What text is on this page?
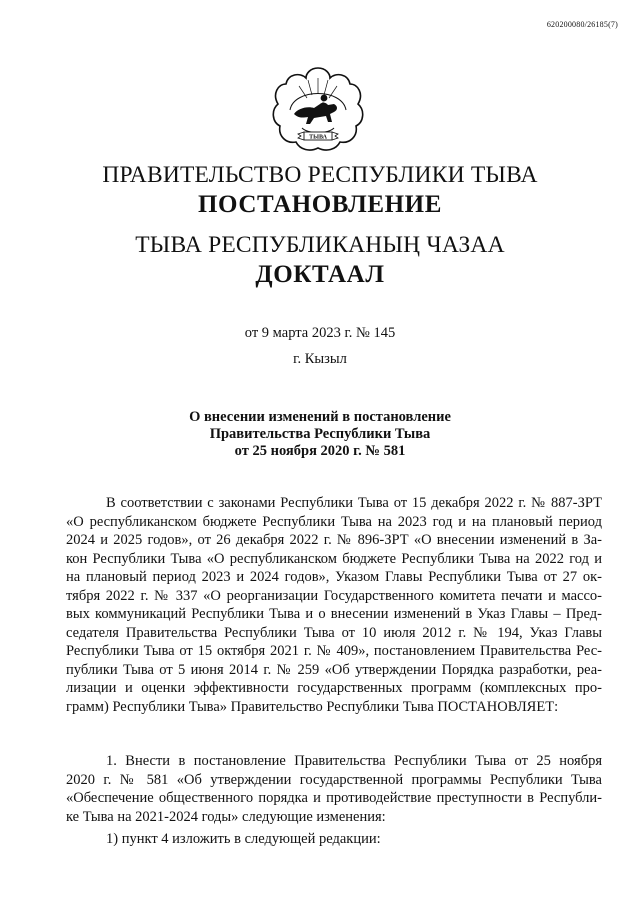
620200080/26185(7)
ТЫВА
ПРАВИТЕЛЬСТВО РЕСПУБЛИКИ ТЫВА
ПОСТАНОВЛЕНИЕ
ТЫВА РЕСПУБЛИКАНЫҢ ЧАЗАА
ДОКТААЛ
от 9 марта 2023 г. № 145
г. Кызыл
О внесении изменений в постановление
Правительства Республики Тыва
от 25 ноября 2020 г. № 581
В соответствии с законами Республики Тыва от 15 декабря 2022 г. № 887-ЗРТ
«О республиканском бюджете Республики Тыва на 2023 год и на плановый период
2024 и 2025 годов», от 26 декабря 2022 г. № 896-ЗРТ «О внесении изменений в За-
кон Республики Тыва «О республиканском бюджете Республики Тыва на 2022 год и
на плановый период 2023 и 2024 годов», Указом Главы Республики Тыва от 27 ок-
тября 2022 г. № 337 «О реорганизации Государственного комитета печати и массо-
вых коммуникаций Республики Тыва и о внесении изменений в Указ Главы – Пред-
седателя Правительства Республики Тыва от 10 июля 2012 г. № 194, Указ Главы
Республики Тыва от 15 октября 2021 г. № 409», постановлением Правительства Рес-
публики Тыва от 5 июня 2014 г. № 259 «Об утверждении Порядка разработки, реа-
лизации и оценки эффективности государственных программ (комплексных про-
грамм) Республики Тыва» Правительство Республики Тыва ПОСТАНОВЛЯЕТ:
1. Внести в постановление Правительства Республики Тыва от 25 ноября
2020 г. № 581 «Об утверждении государственной программы Республики Тыва
«Обеспечение общественного порядка и противодействие преступности в Республи-
ке Тыва на 2021-2024 годы» следующие изменения:
1) пункт 4 изложить в следующей редакции:
